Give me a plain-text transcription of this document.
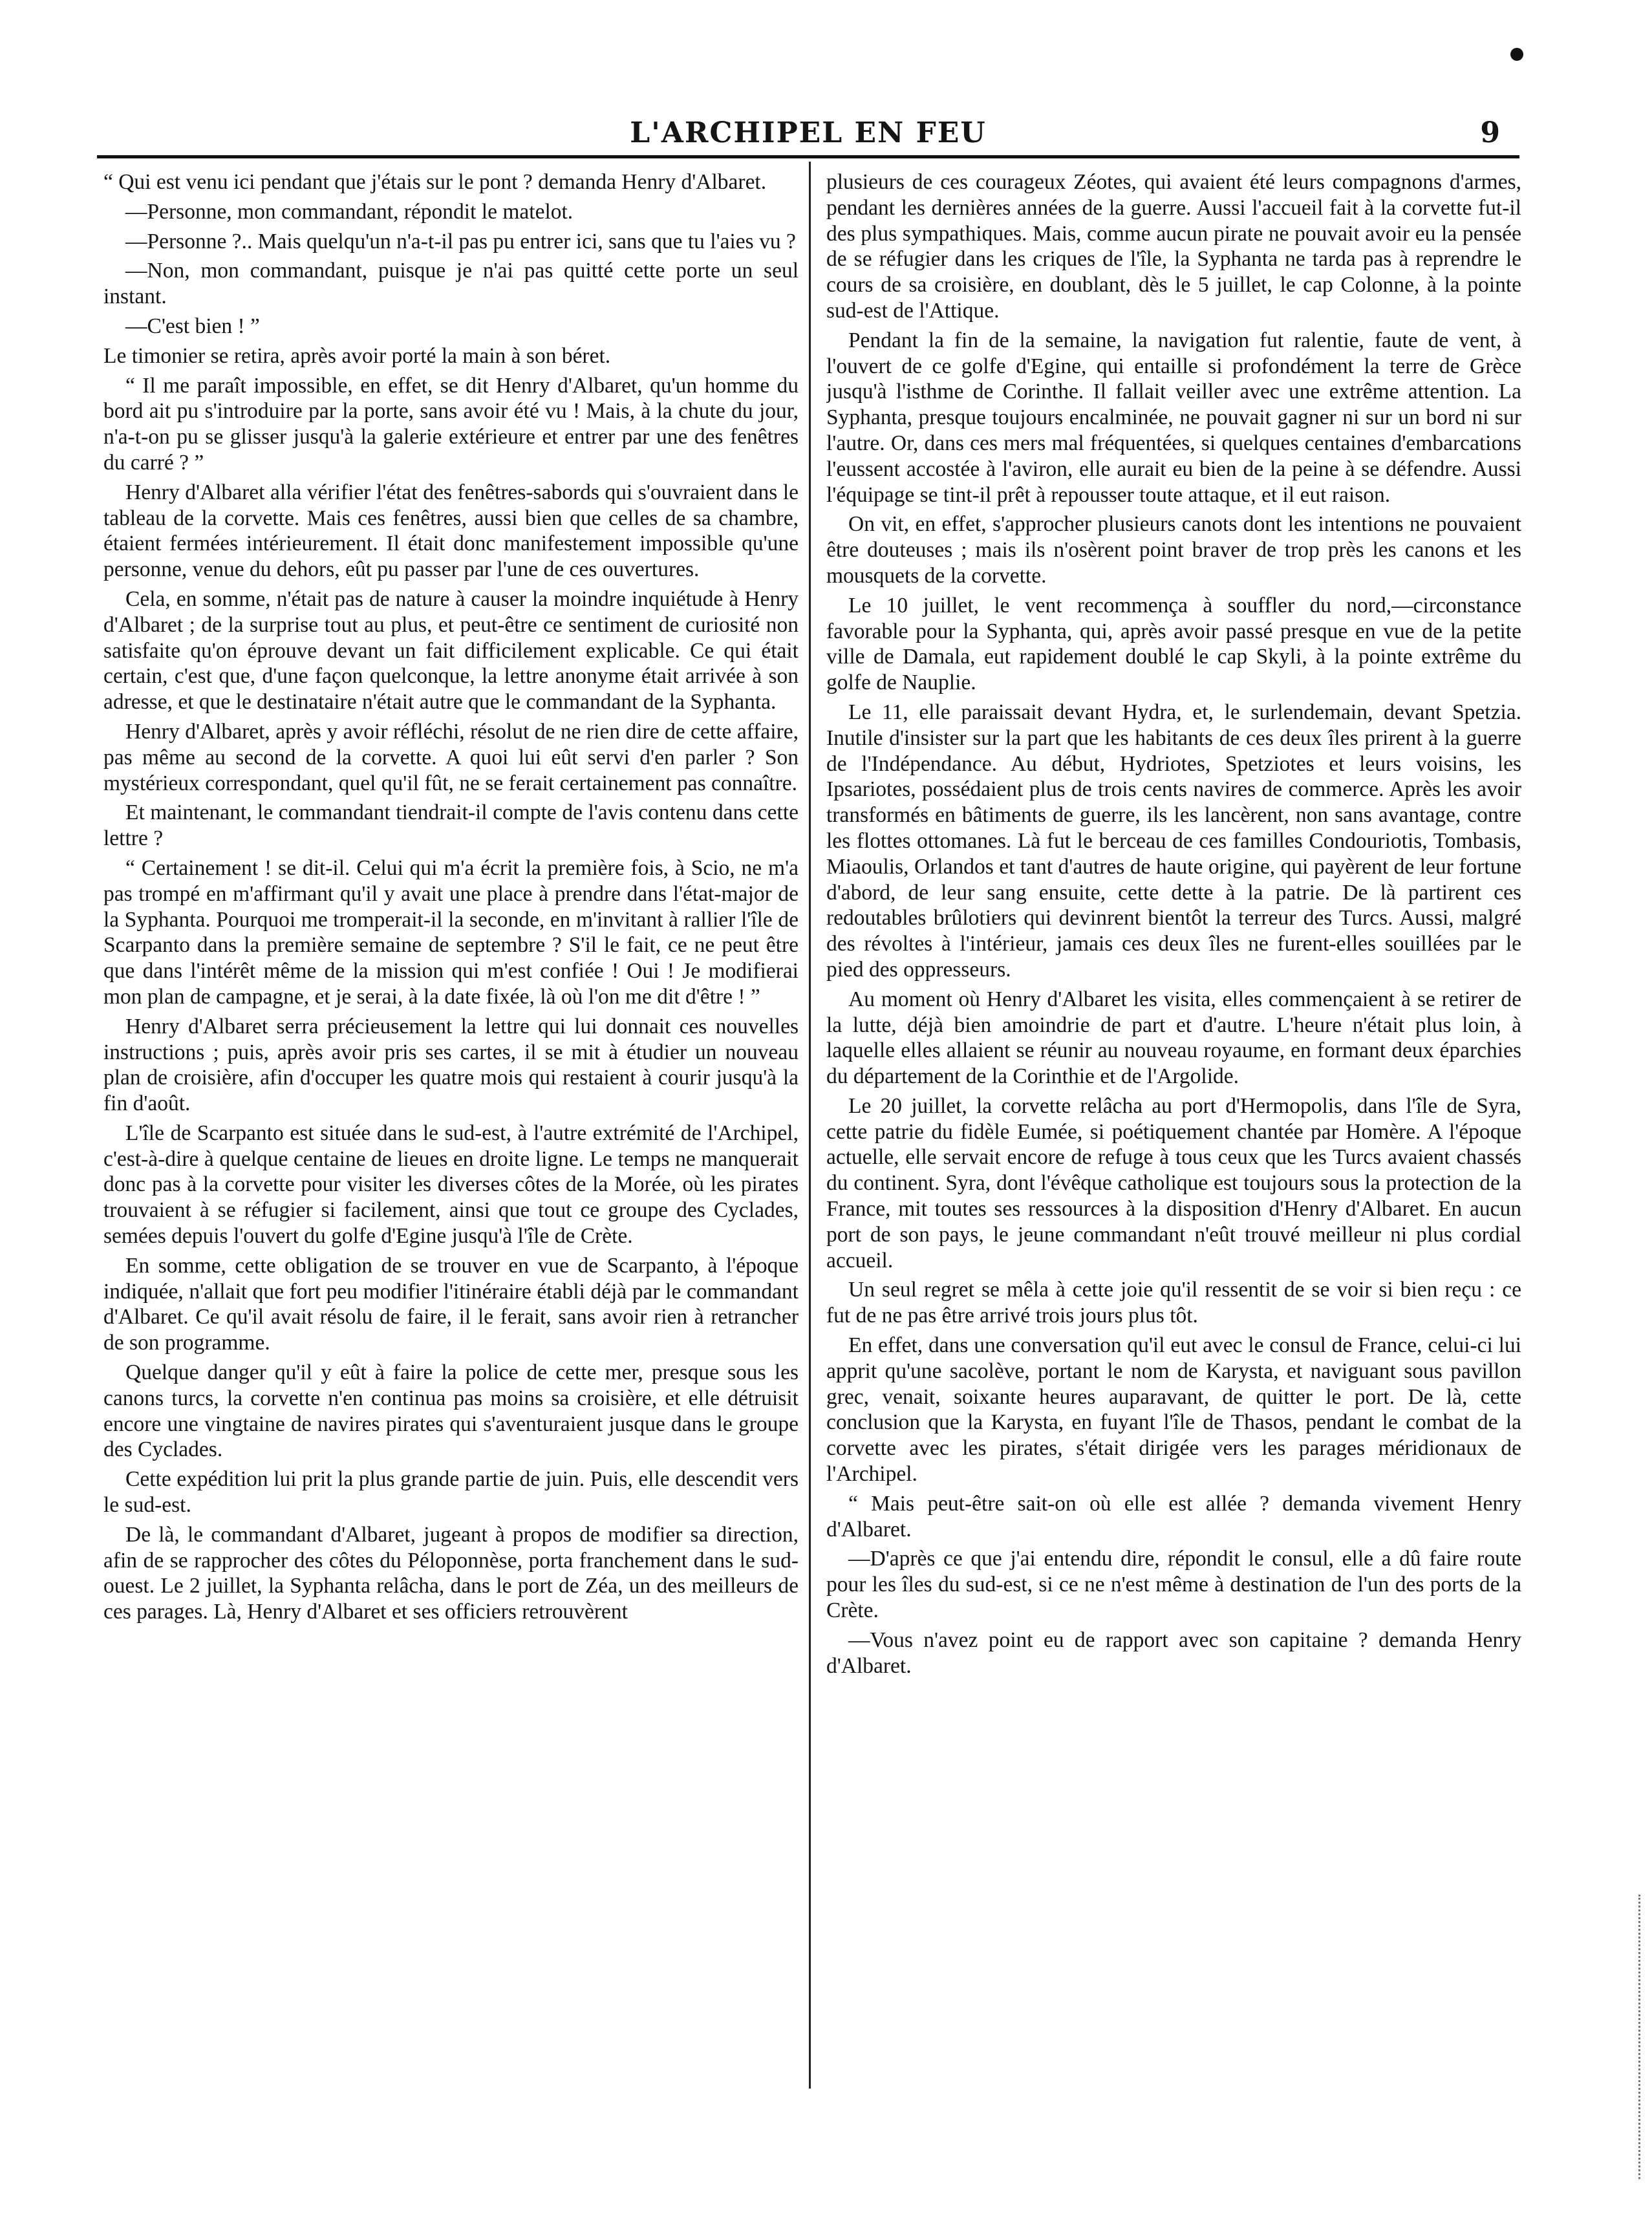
L'ARCHIPEL EN FEU	9

“ Qui est venu ici pendant que j'étais sur le pont ? demanda Henry d'Albaret.

—Personne, mon commandant, répondit le matelot.

—Personne ?.. Mais quelqu'un n'a-t-il pas pu entrer ici, sans que tu l'aies vu ?

—Non, mon commandant, puisque je n'ai pas quitté cette porte un seul instant.

—C'est bien ! ”

Le timonier se retira, après avoir porté la main à son béret.

“ Il me paraît impossible, en effet, se dit Henry d'Albaret, qu'un homme du bord ait pu s'introduire par la porte, sans avoir été vu ! Mais, à la chute du jour, n'a-t-on pu se glisser jusqu'à la galerie extérieure et entrer par une des fenêtres du carré ? ”

Henry d'Albaret alla vérifier l'état des fenêtres-sabords qui s'ouvraient dans le tableau de la corvette. Mais ces fenêtres, aussi bien que celles de sa chambre, étaient fermées intérieurement. Il était donc manifestement impossible qu'une personne, venue du dehors, eût pu passer par l'une de ces ouvertures.

Cela, en somme, n'était pas de nature à causer la moindre inquiétude à Henry d'Albaret ; de la surprise tout au plus, et peut-être ce sentiment de curiosité non satisfaite qu'on éprouve devant un fait difficilement explicable. Ce qui était certain, c'est que, d'une façon quelconque, la lettre anonyme était arrivée à son adresse, et que le destinataire n'était autre que le commandant de la Syphanta.

Henry d'Albaret, après y avoir réfléchi, résolut de ne rien dire de cette affaire, pas même au second de la corvette. A quoi lui eût servi d'en parler ? Son mystérieux correspondant, quel qu'il fût, ne se ferait certainement pas connaître.

Et maintenant, le commandant tiendrait-il compte de l'avis contenu dans cette lettre ?

“ Certainement ! se dit-il. Celui qui m'a écrit la première fois, à Scio, ne m'a pas trompé en m'affirmant qu'il y avait une place à prendre dans l'état-major de la Syphanta. Pourquoi me tromperait-il la seconde, en m'invitant à rallier l'île de Scarpanto dans la première semaine de septembre ? S'il le fait, ce ne peut être que dans l'intérêt même de la mission qui m'est confiée ! Oui ! Je modifierai mon plan de campagne, et je serai, à la date fixée, là où l'on me dit d'être ! ”

Henry d'Albaret serra précieusement la lettre qui lui donnait ces nouvelles instructions ; puis, après avoir pris ses cartes, il se mit à étudier un nouveau plan de croisière, afin d'occuper les quatre mois qui restaient à courir jusqu'à la fin d'août.

L'île de Scarpanto est située dans le sud-est, à l'autre extrémité de l'Archipel, c'est-à-dire à quelque centaine de lieues en droite ligne. Le temps ne manquerait donc pas à la corvette pour visiter les diverses côtes de la Morée, où les pirates trouvaient à se réfugier si facilement, ainsi que tout ce groupe des Cyclades, semées depuis l'ouvert du golfe d'Egine jusqu'à l'île de Crète.

En somme, cette obligation de se trouver en vue de Scarpanto, à l'époque indiquée, n'allait que fort peu modifier l'itinéraire établi déjà par le commandant d'Albaret. Ce qu'il avait résolu de faire, il le ferait, sans avoir rien à retrancher de son programme.

Quelque danger qu'il y eût à faire la police de cette mer, presque sous les canons turcs, la corvette n'en continua pas moins sa croisière, et elle détruisit encore une vingtaine de navires pirates qui s'aventuraient jusque dans le groupe des Cyclades.

Cette expédition lui prit la plus grande partie de juin. Puis, elle descendit vers le sud-est.

De là, le commandant d'Albaret, jugeant à propos de modifier sa direction, afin de se rapprocher des côtes du Péloponnèse, porta franchement dans le sud-ouest. Le 2 juillet, la Syphanta relâcha, dans le port de Zéa, un des meilleurs de ces parages. Là, Henry d'Albaret et ses officiers retrouvèrent

plusieurs de ces courageux Zéotes, qui avaient été leurs compagnons d'armes, pendant les dernières années de la guerre. Aussi l'accueil fait à la corvette fut-il des plus sympathiques. Mais, comme aucun pirate ne pouvait avoir eu la pensée de se réfugier dans les criques de l'île, la Syphanta ne tarda pas à reprendre le cours de sa croisière, en doublant, dès le 5 juillet, le cap Colonne, à la pointe sud-est de l'Attique.

Pendant la fin de la semaine, la navigation fut ralentie, faute de vent, à l'ouvert de ce golfe d'Egine, qui entaille si profondément la terre de Grèce jusqu'à l'isthme de Corinthe. Il fallait veiller avec une extrême attention. La Syphanta, presque toujours encalminée, ne pouvait gagner ni sur un bord ni sur l'autre. Or, dans ces mers mal fréquentées, si quelques centaines d'embarcations l'eussent accostée à l'aviron, elle aurait eu bien de la peine à se défendre. Aussi l'équipage se tint-il prêt à repousser toute attaque, et il eut raison.

On vit, en effet, s'approcher plusieurs canots dont les intentions ne pouvaient être douteuses ; mais ils n'osèrent point braver de trop près les canons et les mousquets de la corvette.

Le 10 juillet, le vent recommença à souffler du nord,—circonstance favorable pour la Syphanta, qui, après avoir passé presque en vue de la petite ville de Damala, eut rapidement doublé le cap Skyli, à la pointe extrême du golfe de Nauplie.

Le 11, elle paraissait devant Hydra, et, le surlendemain, devant Spetzia. Inutile d'insister sur la part que les habitants de ces deux îles prirent à la guerre de l'Indépendance. Au début, Hydriotes, Spetziotes et leurs voisins, les Ipsariotes, possédaient plus de trois cents navires de commerce. Après les avoir transformés en bâtiments de guerre, ils les lancèrent, non sans avantage, contre les flottes ottomanes. Là fut le berceau de ces familles Condouriotis, Tombasis, Miaoulis, Orlandos et tant d'autres de haute origine, qui payèrent de leur fortune d'abord, de leur sang ensuite, cette dette à la patrie. De là partirent ces redoutables brûlotiers qui devinrent bientôt la terreur des Turcs. Aussi, malgré des révoltes à l'intérieur, jamais ces deux îles ne furent-elles souillées par le pied des oppresseurs.

Au moment où Henry d'Albaret les visita, elles commençaient à se retirer de la lutte, déjà bien amoindrie de part et d'autre. L'heure n'était plus loin, à laquelle elles allaient se réunir au nouveau royaume, en formant deux éparchies du département de la Corinthie et de l'Argolide.

Le 20 juillet, la corvette relâcha au port d'Hermopolis, dans l'île de Syra, cette patrie du fidèle Eumée, si poétiquement chantée par Homère. A l'époque actuelle, elle servait encore de refuge à tous ceux que les Turcs avaient chassés du continent. Syra, dont l'évêque catholique est toujours sous la protection de la France, mit toutes ses ressources à la disposition d'Henry d'Albaret. En aucun port de son pays, le jeune commandant n'eût trouvé meilleur ni plus cordial accueil.

Un seul regret se mêla à cette joie qu'il ressentit de se voir si bien reçu : ce fut de ne pas être arrivé trois jours plus tôt.

En effet, dans une conversation qu'il eut avec le consul de France, celui-ci lui apprit qu'une sacolève, portant le nom de Karysta, et naviguant sous pavillon grec, venait, soixante heures auparavant, de quitter le port. De là, cette conclusion que la Karysta, en fuyant l'île de Thasos, pendant le combat de la corvette avec les pirates, s'était dirigée vers les parages méridionaux de l'Archipel.

“ Mais peut-être sait-on où elle est allée ? demanda vivement Henry d'Albaret.

—D'après ce que j'ai entendu dire, répondit le consul, elle a dû faire route pour les îles du sud-est, si ce ne n'est même à destination de l'un des ports de la Crète.

—Vous n'avez point eu de rapport avec son capitaine ? demanda Henry d'Albaret.
